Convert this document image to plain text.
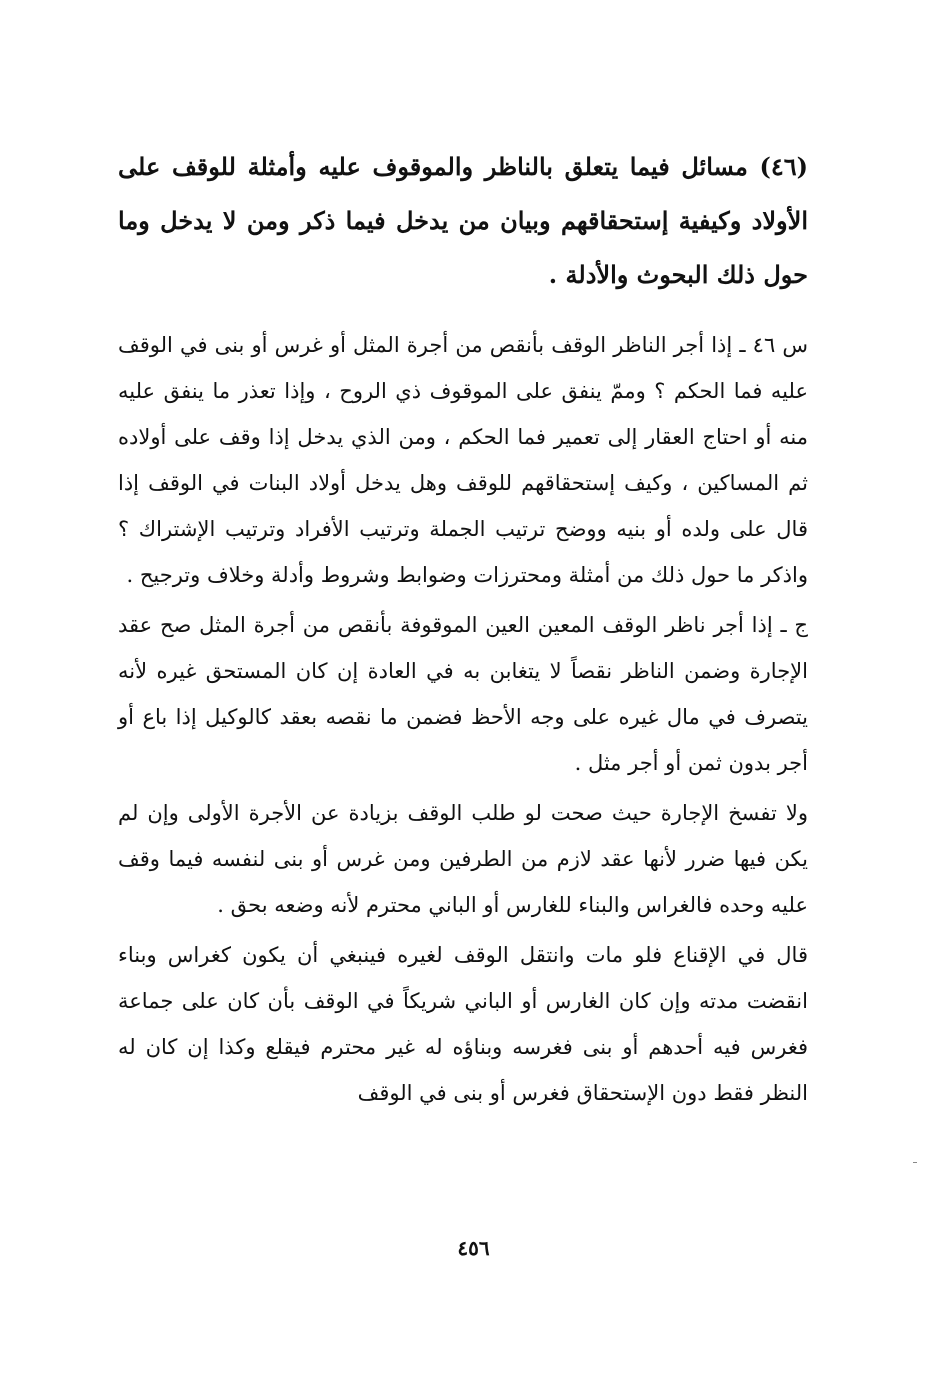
(٤٦) مسائل فيما يتعلق بالناظر والموقوف عليه وأمثلة للوقف على الأولاد وكيفية إستحقاقهم وبيان من يدخل فيما ذكر ومن لا يدخل وما حول ذلك البحوث والأدلة .

س ٤٦ ـ إذا أجر الناظر الوقف بأنقص من أجرة المثل أو غرس أو بنى في الوقف عليه فما الحكم ؟ وممّ ينفق على الموقوف ذي الروح ، وإذا تعذر ما ينفق عليه منه أو احتاج العقار إلى تعمير فما الحكم ، ومن الذي يدخل إذا وقف على أولاده ثم المساكين ، وكيف إستحقاقهم للوقف وهل يدخل أولاد البنات في الوقف إذا قال على ولده أو بنيه ووضح ترتيب الجملة وترتيب الأفراد وترتيب الإشتراك ؟ واذكر ما حول ذلك من أمثلة ومحترزات وضوابط وشروط وأدلة وخلاف وترجيح .

ج ـ إذا أجر ناظر الوقف المعين العين الموقوفة بأنقص من أجرة المثل صح عقد الإجارة وضمن الناظر نقصاً لا يتغابن به في العادة إن كان المستحق غيره لأنه يتصرف في مال غيره على وجه الأحظ فضمن ما نقصه بعقد كالوكيل إذا باع أو أجر بدون ثمن أو أجر مثل .

ولا تفسخ الإجارة حيث صحت لو طلب الوقف بزيادة عن الأجرة الأولى وإن لم يكن فيها ضرر لأنها عقد لازم من الطرفين ومن غرس أو بنى لنفسه فيما وقف عليه وحده فالغراس والبناء للغارس أو الباني محترم لأنه وضعه بحق .

قال في الإقناع فلو مات وانتقل الوقف لغيره فينبغي أن يكون كغراس وبناء انقضت مدته وإن كان الغارس أو الباني شريكاً في الوقف بأن كان على جماعة فغرس فيه أحدهم أو بنى فغرسه وبناؤه له غير محترم فيقلع وكذا إن كان له النظر فقط دون الإستحقاق فغرس أو بنى في الوقف

٤٥٦
